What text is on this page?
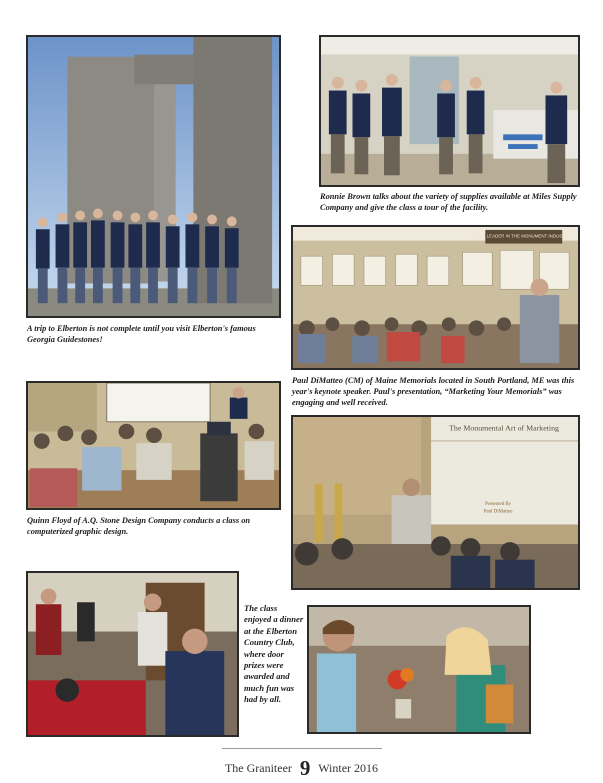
A trip to Elberton is not complete until you visit Elberton's famous Georgia Guidestones!

Ronnie Brown talks about the variety of supplies available at Miles Supply Company and give the class a tour of the facility.

THE LEADER IN THE MONUMENT INDUSTRY

Paul DiMatteo (CM) of Maine Memorials located in South Portland, ME was this year's keynote speaker. Paul's presentation, “Marketing Your Memorials” was engaging and well received.

Quinn Floyd of A.Q. Stone Design Company conducts a class on computerized graphic design.

The Monumental Art of Marketing
Presented By
Paul DiMatteo

The class enjoyed a dinner at the Elberton Country Club, where door prizes were awarded and much fun was had by all.

The Graniteer 9 Winter 2016
